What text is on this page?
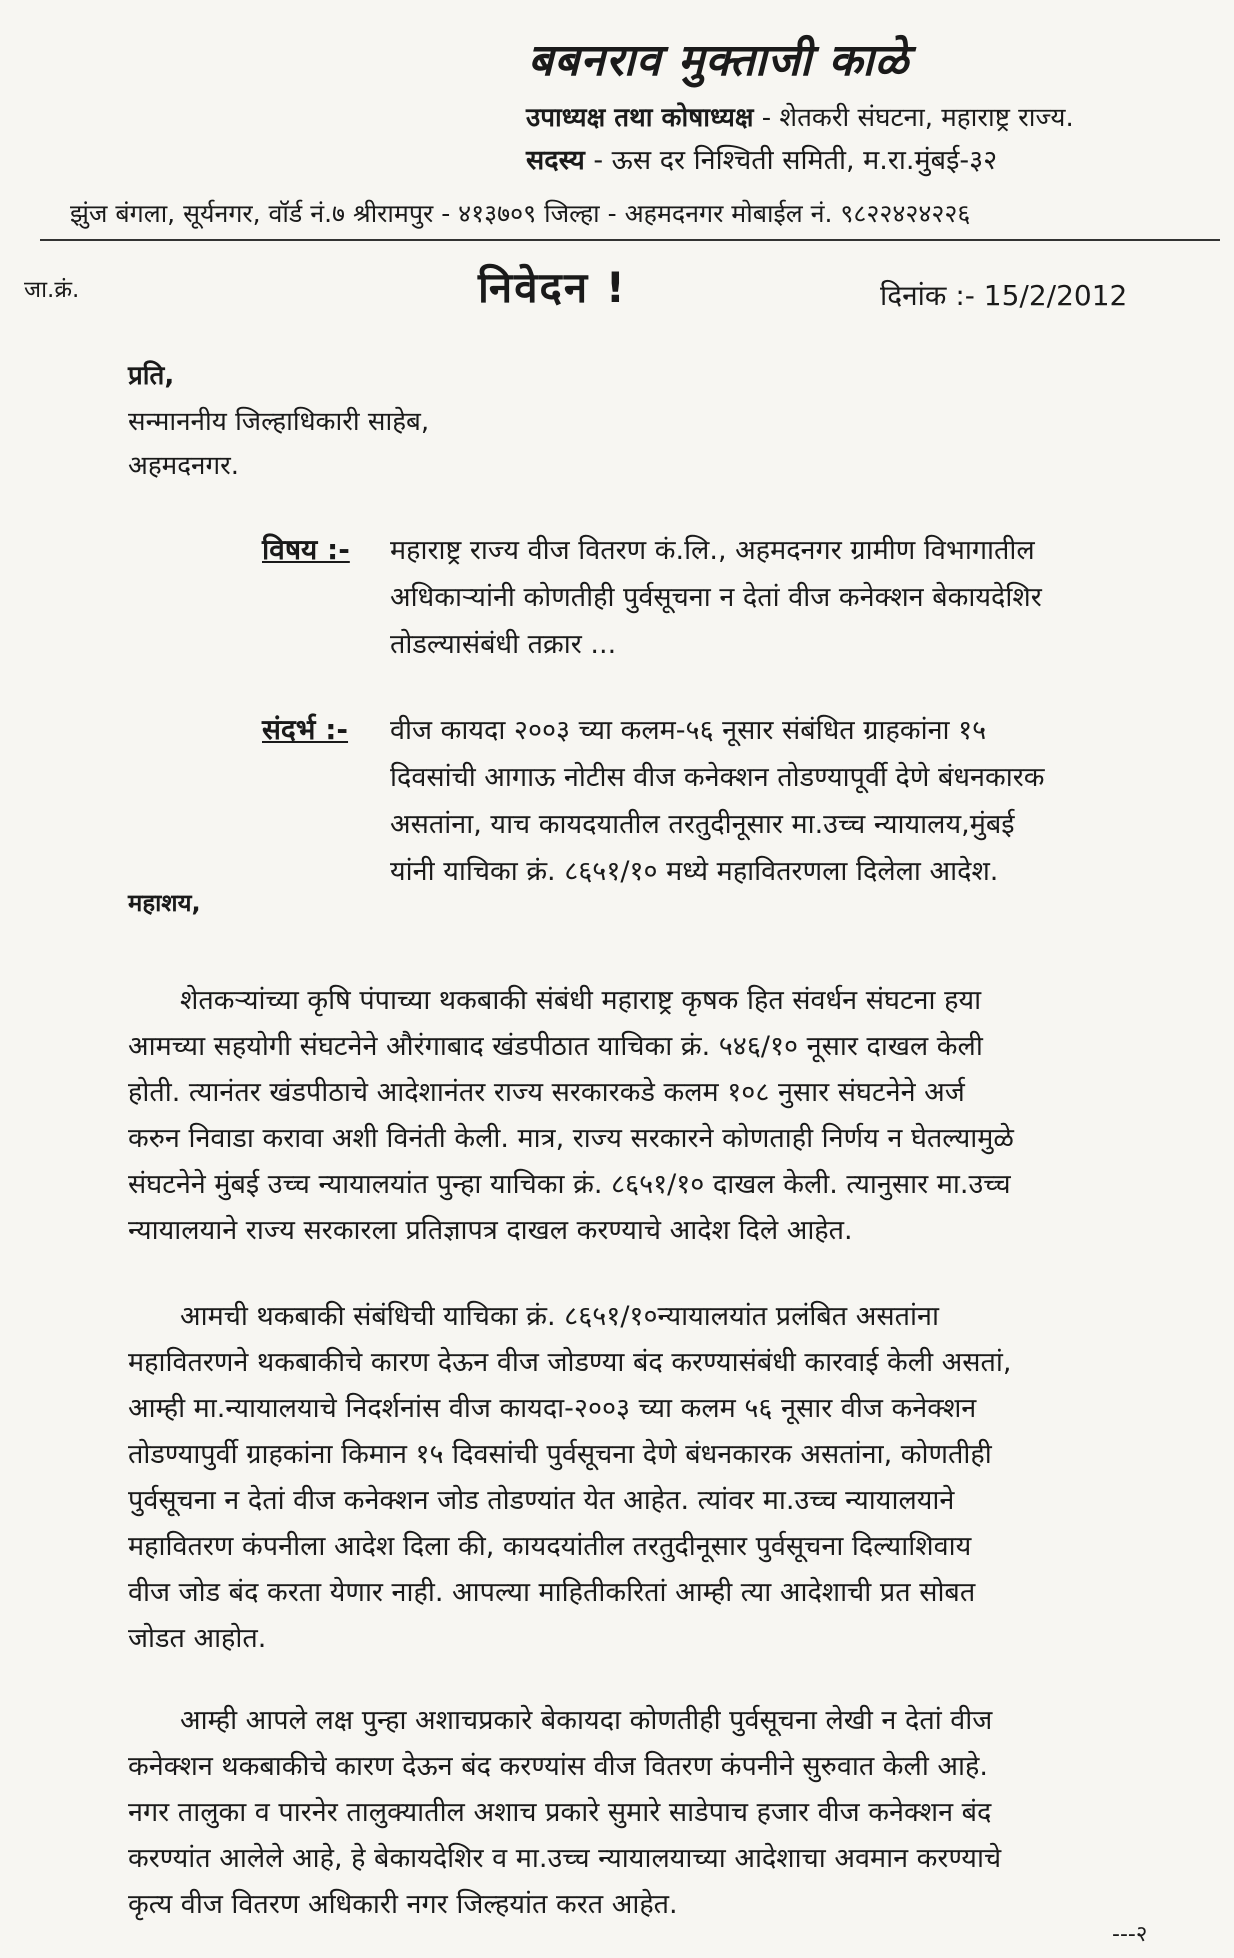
बबनराव मुक्ताजी काळे
उपाध्यक्ष तथा कोषाध्यक्ष - शेतकरी संघटना, महाराष्ट्र राज्य.
सदस्य - ऊस दर निश्चिती समिती, म.रा.मुंबई-३२
झुंज बंगला, सूर्यनगर, वॉर्ड नं.७ श्रीरामपुर - ४१३७०९ जिल्हा - अहमदनगर मोबाईल नं. ९८२२४२४२२६
जा.क्रं.	निवेदन !	दिनांक :- 15/2/2012
प्रति,
सन्माननीय जिल्हाधिकारी साहेब,
अहमदनगर.
विषय :- महाराष्ट्र राज्य वीज वितरण कं.लि., अहमदनगर ग्रामीण विभागातील
अधिकाऱ्यांनी कोणतीही पुर्वसूचना न देतां वीज कनेक्शन बेकायदेशिर
तोडल्यासंबंधी तक्रार ...
संदर्भ :- वीज कायदा २००३ च्या कलम-५६ नूसार संबंधित ग्राहकांना १५
दिवसांची आगाऊ नोटीस वीज कनेक्शन तोडण्यापूर्वी देणे बंधनकारक
असतांना, याच कायदयातील तरतुदीनूसार मा.उच्च न्यायालय,मुंबई
यांनी याचिका क्रं. ८६५१/१० मध्ये महावितरणला दिलेला आदेश.
महाशय,
शेतकऱ्यांच्या कृषि पंपाच्या थकबाकी संबंधी महाराष्ट्र कृषक हित संवर्धन संघटना हया
आमच्या सहयोगी संघटनेने औरंगाबाद खंडपीठात याचिका क्रं. ५४६/१० नूसार दाखल केली
होती. त्यानंतर खंडपीठाचे आदेशानंतर राज्य सरकारकडे कलम १०८ नुसार संघटनेने अर्ज
करुन निवाडा करावा अशी विनंती केली. मात्र, राज्य सरकारने कोणताही निर्णय न घेतल्यामुळे
संघटनेने मुंबई उच्च न्यायालयांत पुन्हा याचिका क्रं. ८६५१/१० दाखल केली. त्यानुसार मा.उच्च
न्यायालयाने राज्य सरकारला प्रतिज्ञापत्र दाखल करण्याचे आदेश दिले आहेत.
आमची थकबाकी संबंधिची याचिका क्रं. ८६५१/१०न्यायालयांत प्रलंबित असतांना
महावितरणने थकबाकीचे कारण देऊन वीज जोडण्या बंद करण्यासंबंधी कारवाई केली असतां,
आम्ही मा.न्यायालयाचे निदर्शनांस वीज कायदा-२००३ च्या कलम ५६ नूसार वीज कनेक्शन
तोडण्यापुर्वी ग्राहकांना किमान १५ दिवसांची पुर्वसूचना देणे बंधनकारक असतांना, कोणतीही
पुर्वसूचना न देतां वीज कनेक्शन जोड तोडण्यांत येत आहेत. त्यांवर मा.उच्च न्यायालयाने
महावितरण कंपनीला आदेश दिला की, कायदयांतील तरतुदीनूसार पुर्वसूचना दिल्याशिवाय
वीज जोड बंद करता येणार नाही. आपल्या माहितीकरितां आम्ही त्या आदेशाची प्रत सोबत
जोडत आहोत.
आम्ही आपले लक्ष पुन्हा अशाचप्रकारे बेकायदा कोणतीही पुर्वसूचना लेखी न देतां वीज
कनेक्शन थकबाकीचे कारण देऊन बंद करण्यांस वीज वितरण कंपनीने सुरुवात केली आहे.
नगर तालुका व पारनेर तालुक्यातील अशाच प्रकारे सुमारे साडेपाच हजार वीज कनेक्शन बंद
करण्यांत आलेले आहे, हे बेकायदेशिर व मा.उच्च न्यायालयाच्या आदेशाचा अवमान करण्याचे
कृत्य वीज वितरण अधिकारी नगर जिल्हयांत करत आहेत.
---२
